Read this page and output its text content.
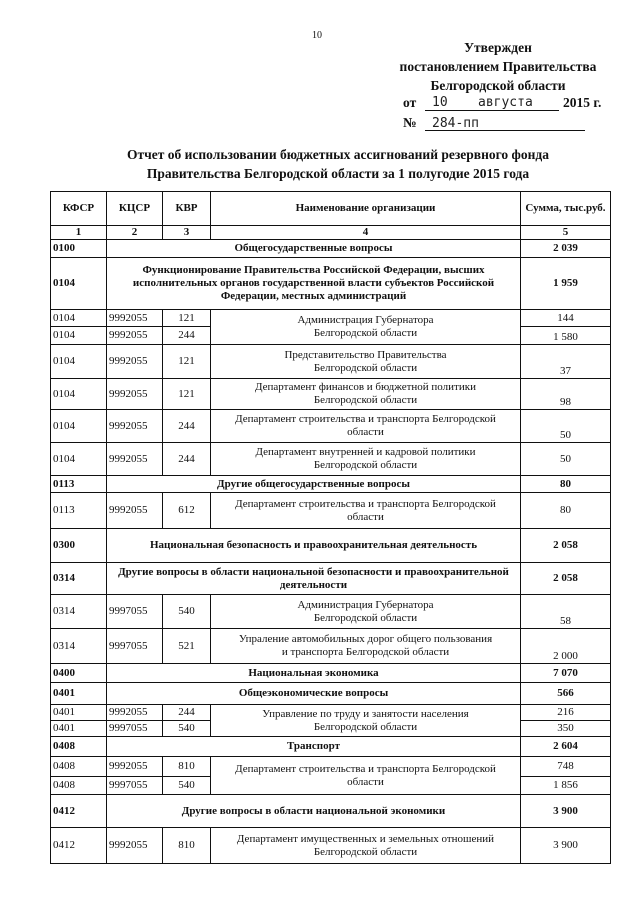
10
Утвержден
постановлением Правительства
Белгородской области
от 10 августа 2015 г.
№ 284-пп
Отчет об использовании бюджетных ассигнований резервного фонда
Правительства Белгородской области за 1 полугодие 2015 года
КФСР	КЦСР	КВР	Наименование организации	Сумма, тыс.руб.
1	2	3	4	5
0100	Общегосударственные вопросы			2 039
0104	Функционирование Правительства Российской Федерации, высших исполнительных органов государственной власти субъектов Российской Федерации, местных администраций			1 959
0104	9992055	121	Администрация Губернатора
Белгородской области	144
0104	9992055	244		1 580
0104	9992055	121	Представительство Правительства
Белгородской области	37
0104	9992055	121	Департамент финансов и бюджетной политики
Белгородской области	98
0104	9992055	244	Департамент строительства и транспорта Белгородской
области	50
0104	9992055	244	Департамент внутренней и кадровой политики
Белгородской области	50
0113	Другие общегосударственные вопросы			80
0113	9992055	612	Департамент строительства и транспорта Белгородской
области	80
0300	Национальная безопасность и правоохранительная деятельность			2 058
0314	Другие вопросы в области национальной безопасности и правоохранительной деятельности			2 058
0314	9997055	540	Администрация Губернатора
Белгородской области	58
0314	9997055	521	Упраление автомобильных дорог общего пользования
и транспорта Белгородской области	2 000
0400	Национальная экономика			7 070
0401	Общеэкономические вопросы			566
0401	9992055	244	Управление по труду и занятости населения
Белгородской области	216
0401	9997055	540		350
0408	Транспорт			2 604
0408	9992055	810	Департамент строительства и транспорта Белгородской
области	748
0408	9997055	540		1 856
0412	Другие вопросы в области национальной экономики			3 900
0412	9992055	810	Департамент имущественных и земельных отношений
Белгородской области	3 900
